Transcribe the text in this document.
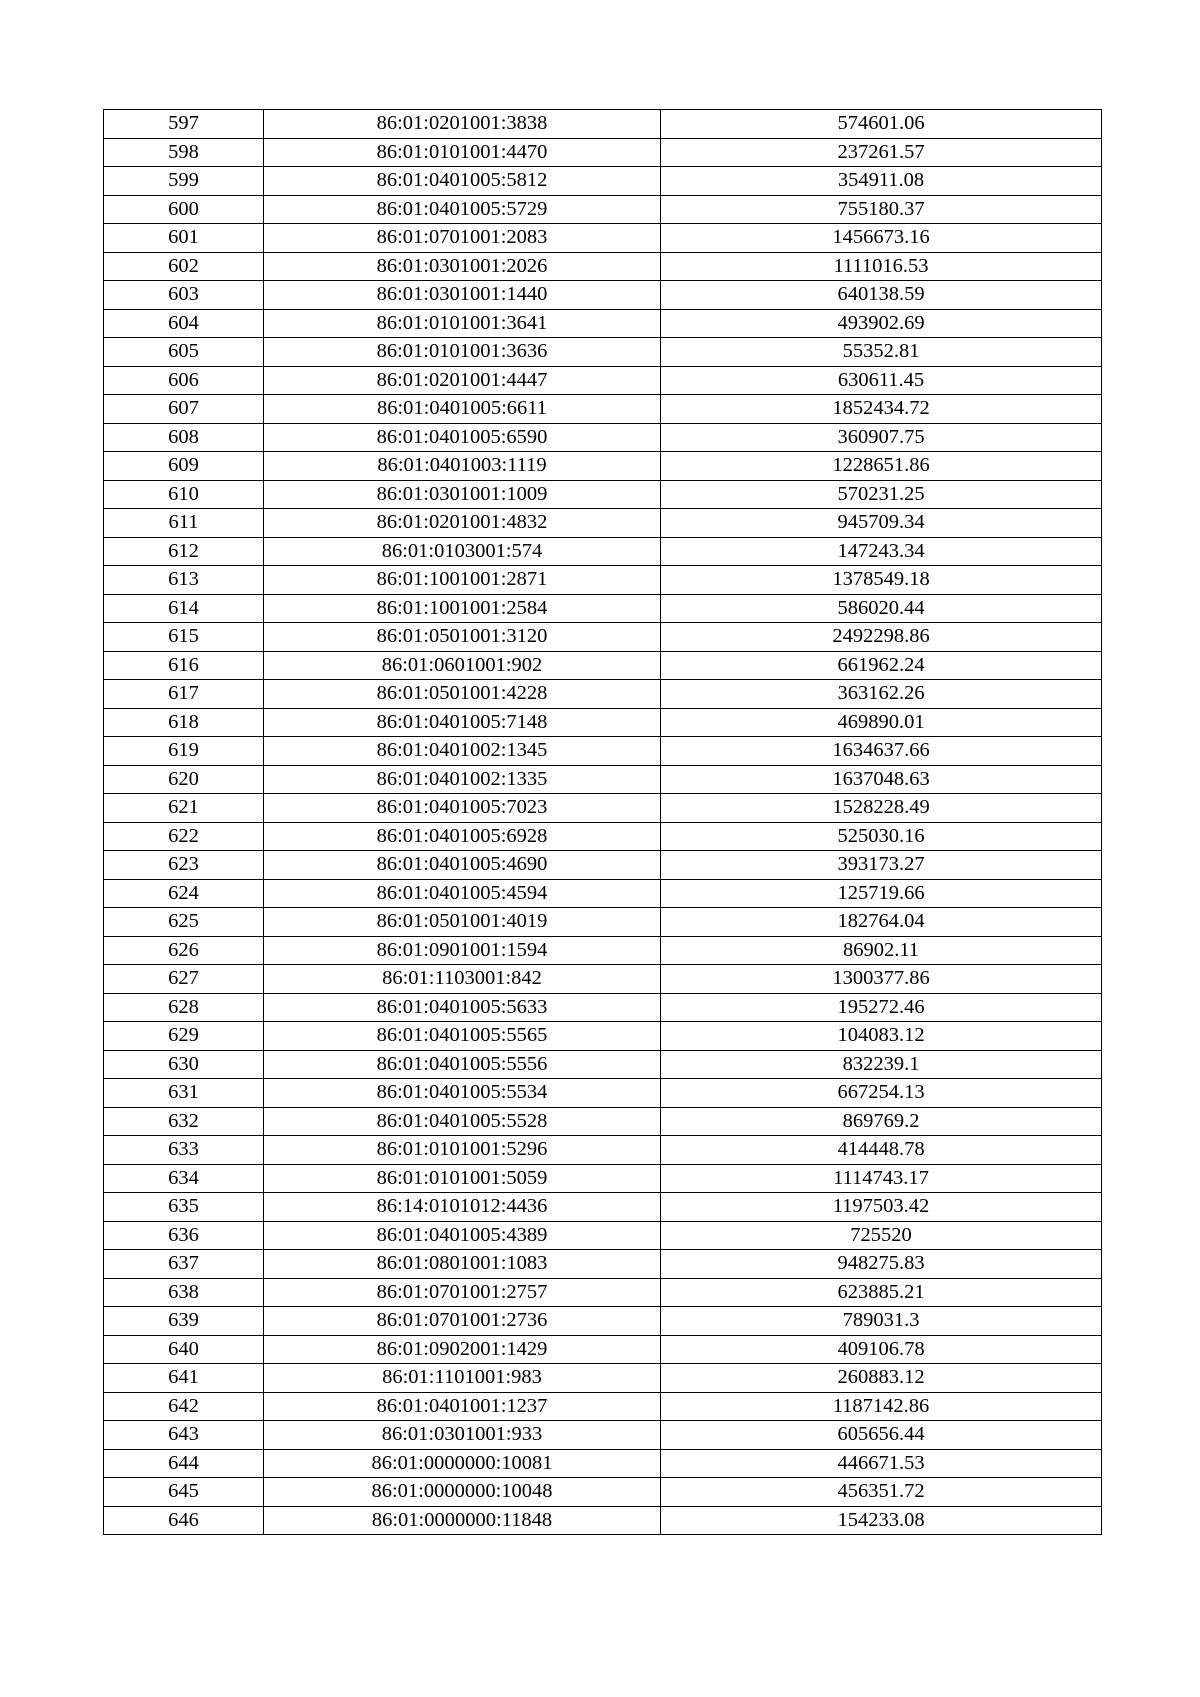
597	86:01:0201001:3838	574601.06
598	86:01:0101001:4470	237261.57
599	86:01:0401005:5812	354911.08
600	86:01:0401005:5729	755180.37
601	86:01:0701001:2083	1456673.16
602	86:01:0301001:2026	1111016.53
603	86:01:0301001:1440	640138.59
604	86:01:0101001:3641	493902.69
605	86:01:0101001:3636	55352.81
606	86:01:0201001:4447	630611.45
607	86:01:0401005:6611	1852434.72
608	86:01:0401005:6590	360907.75
609	86:01:0401003:1119	1228651.86
610	86:01:0301001:1009	570231.25
611	86:01:0201001:4832	945709.34
612	86:01:0103001:574	147243.34
613	86:01:1001001:2871	1378549.18
614	86:01:1001001:2584	586020.44
615	86:01:0501001:3120	2492298.86
616	86:01:0601001:902	661962.24
617	86:01:0501001:4228	363162.26
618	86:01:0401005:7148	469890.01
619	86:01:0401002:1345	1634637.66
620	86:01:0401002:1335	1637048.63
621	86:01:0401005:7023	1528228.49
622	86:01:0401005:6928	525030.16
623	86:01:0401005:4690	393173.27
624	86:01:0401005:4594	125719.66
625	86:01:0501001:4019	182764.04
626	86:01:0901001:1594	86902.11
627	86:01:1103001:842	1300377.86
628	86:01:0401005:5633	195272.46
629	86:01:0401005:5565	104083.12
630	86:01:0401005:5556	832239.1
631	86:01:0401005:5534	667254.13
632	86:01:0401005:5528	869769.2
633	86:01:0101001:5296	414448.78
634	86:01:0101001:5059	1114743.17
635	86:14:0101012:4436	1197503.42
636	86:01:0401005:4389	725520
637	86:01:0801001:1083	948275.83
638	86:01:0701001:2757	623885.21
639	86:01:0701001:2736	789031.3
640	86:01:0902001:1429	409106.78
641	86:01:1101001:983	260883.12
642	86:01:0401001:1237	1187142.86
643	86:01:0301001:933	605656.44
644	86:01:0000000:10081	446671.53
645	86:01:0000000:10048	456351.72
646	86:01:0000000:11848	154233.08
